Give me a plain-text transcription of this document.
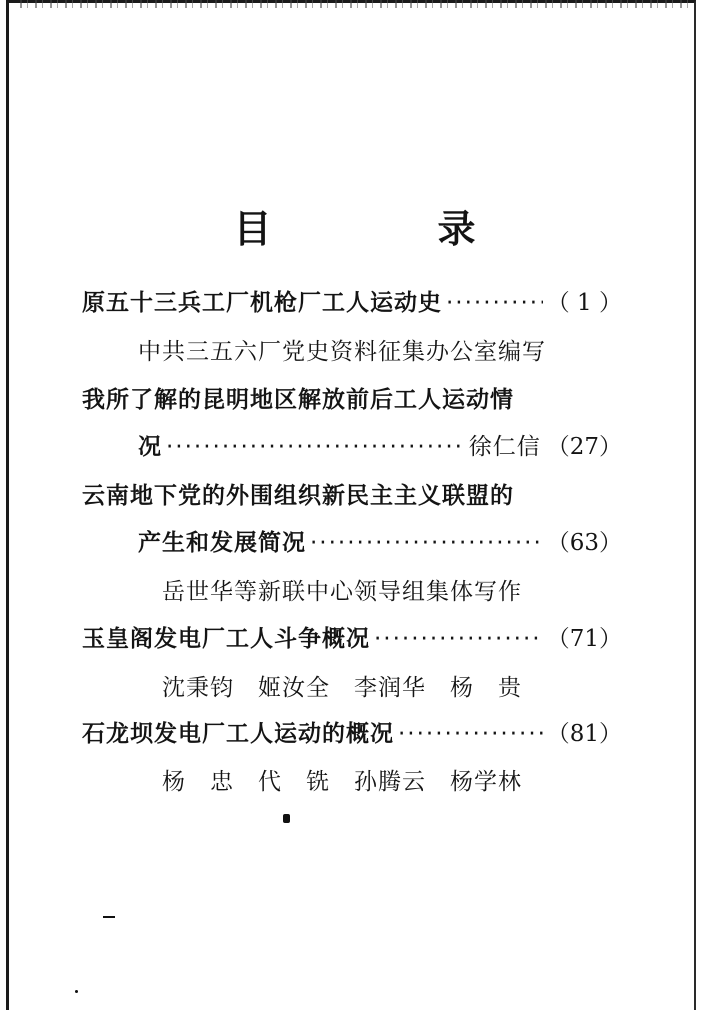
目　录
原五十三兵工厂机枪厂工人运动史 ·····	（ 1 ）
中共三五六厂党史资料征集办公室编写
我所了解的昆明地区解放前后工人运动情
况 ·····	徐仁信 （27）
云南地下党的外围组织新民主主义联盟的
产生和发展简况 ·····	（63）
岳世华等新联中心领导组集体写作
玉皇阁发电厂工人斗争概况 ·····	（71）
沈秉钧　姬汝全　李润华　杨　贵
石龙坝发电厂工人运动的概况 ·····	（81）
杨　忠　代　铣　孙腾云　杨学林
